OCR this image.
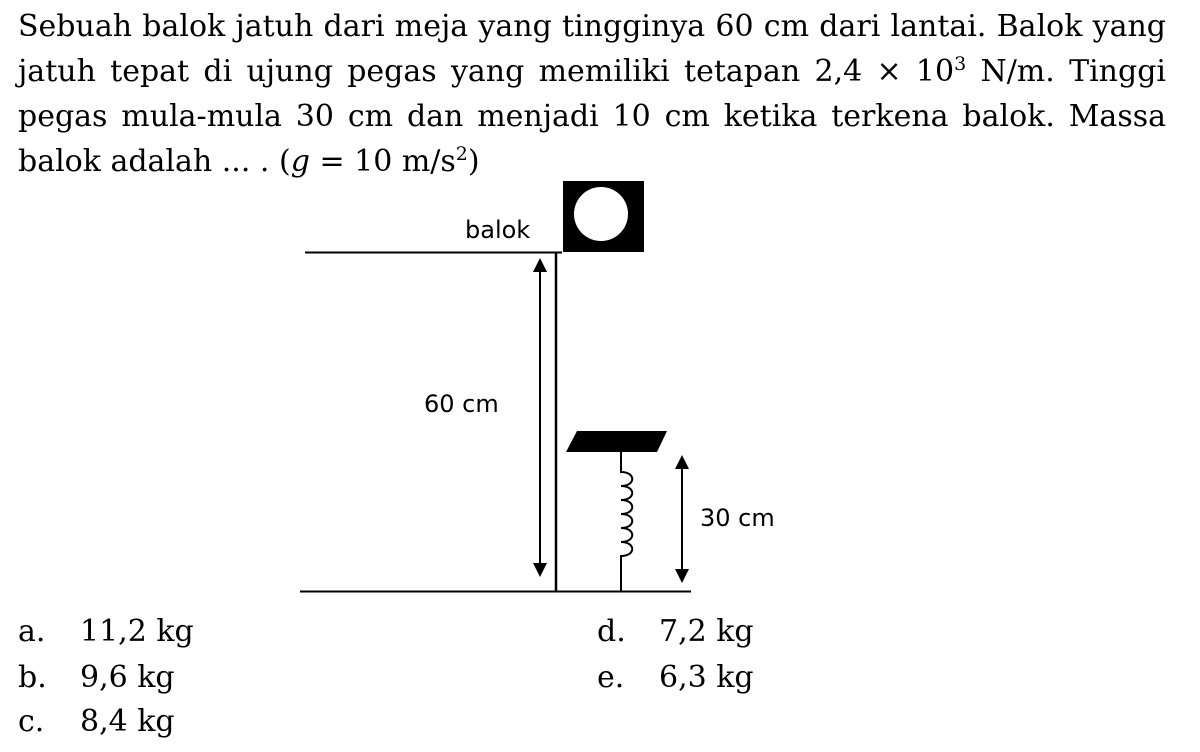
Sebuah balok jatuh dari meja yang tingginya 60 cm dari lantai. Balok yang jatuh tepat di ujung pegas yang memiliki tetapan $2,4 \times 10^3$ N/m. Tinggi pegas mula-mula 30 cm dan menjadi 10 cm ketika terkena balok. Massa balok adalah ... . (g = 10 $m/s^2$)
balok
60 cm
30 cm
a. 11,2 kg
b. 9,6 kg
c. 8,4 kg
d. 7,2 kg
e. 6,3 kg
